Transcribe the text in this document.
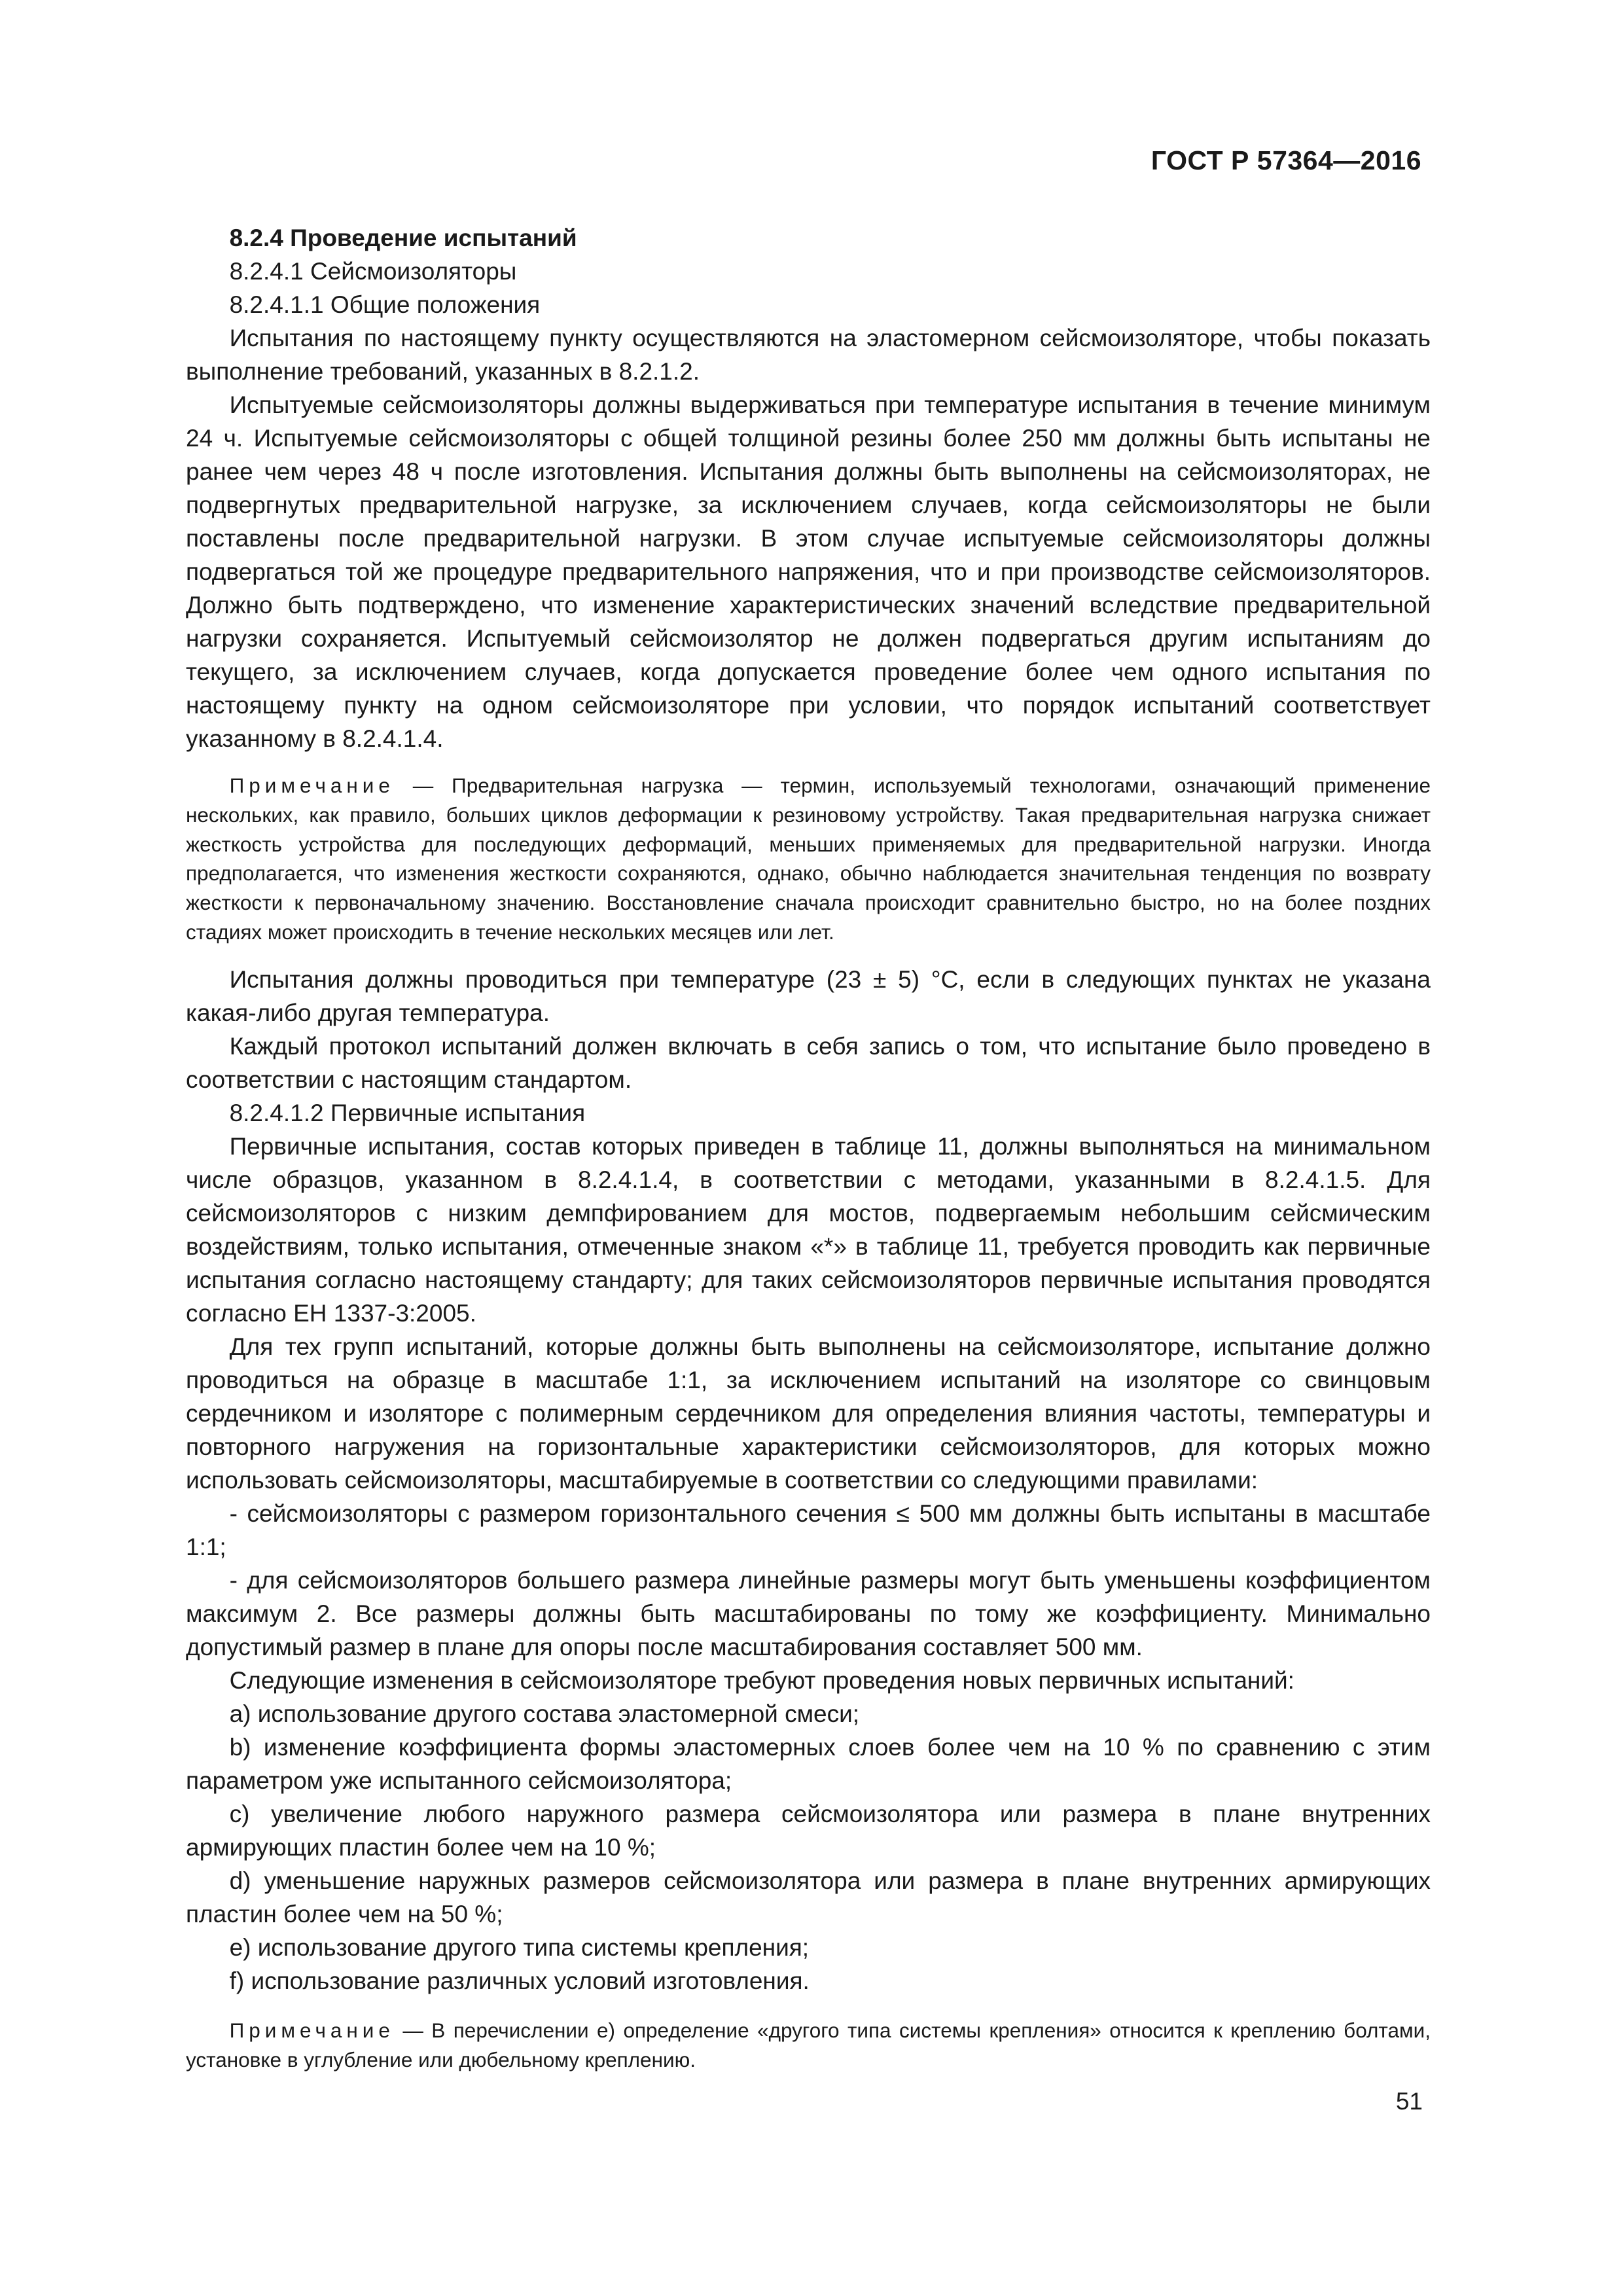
ГОСТ Р 57364—2016

8.2.4 Проведение испытаний

8.2.4.1 Сейсмоизоляторы

8.2.4.1.1 Общие положения

Испытания по настоящему пункту осуществляются на эластомерном сейсмоизоляторе, чтобы показать выполнение требований, указанных в 8.2.1.2.

Испытуемые сейсмоизоляторы должны выдерживаться при температуре испытания в течение минимум 24 ч. Испытуемые сейсмоизоляторы с общей толщиной резины более 250 мм должны быть испытаны не ранее чем через 48 ч после изготовления. Испытания должны быть выполнены на сейсмоизоляторах, не подвергнутых предварительной нагрузке, за исключением случаев, когда сейсмоизоляторы не были поставлены после предварительной нагрузки. В этом случае испытуемые сейсмоизоляторы должны подвергаться той же процедуре предварительного напряжения, что и при производстве сейсмоизоляторов. Должно быть подтверждено, что изменение характеристических значений вследствие предварительной нагрузки сохраняется. Испытуемый сейсмоизолятор не должен подвергаться другим испытаниям до текущего, за исключением случаев, когда допускается проведение более чем одного испытания по настоящему пункту на одном сейсмоизоляторе при условии, что порядок испытаний соответствует указанному в 8.2.4.1.4.

Примечание — Предварительная нагрузка — термин, используемый технологами, означающий применение нескольких, как правило, больших циклов деформации к резиновому устройству. Такая предварительная нагрузка снижает жесткость устройства для последующих деформаций, меньших применяемых для предварительной нагрузки. Иногда предполагается, что изменения жесткости сохраняются, однако, обычно наблюдается значительная тенденция по возврату жесткости к первоначальному значению. Восстановление сначала происходит сравнительно быстро, но на более поздних стадиях может происходить в течение нескольких месяцев или лет.

Испытания должны проводиться при температуре (23 ± 5) °С, если в следующих пунктах не указана какая-либо другая температура.

Каждый протокол испытаний должен включать в себя запись о том, что испытание было проведено в соответствии с настоящим стандартом.

8.2.4.1.2 Первичные испытания

Первичные испытания, состав которых приведен в таблице 11, должны выполняться на минимальном числе образцов, указанном в 8.2.4.1.4, в соответствии с методами, указанными в 8.2.4.1.5. Для сейсмоизоляторов с низким демпфированием для мостов, подвергаемым небольшим сейсмическим воздействиям, только испытания, отмеченные знаком «*» в таблице 11, требуется проводить как первичные испытания согласно настоящему стандарту; для таких сейсмоизоляторов первичные испытания проводятся согласно ЕН 1337-3:2005.

Для тех групп испытаний, которые должны быть выполнены на сейсмоизоляторе, испытание должно проводиться на образце в масштабе 1:1, за исключением испытаний на изоляторе со свинцовым сердечником и изоляторе с полимерным сердечником для определения влияния частоты, температуры и повторного нагружения на горизонтальные характеристики сейсмоизоляторов, для которых можно использовать сейсмоизоляторы, масштабируемые в соответствии со следующими правилами:

- сейсмоизоляторы с размером горизонтального сечения ≤ 500 мм должны быть испытаны в масштабе 1:1;

- для сейсмоизоляторов большего размера линейные размеры могут быть уменьшены коэффициентом максимум 2. Все размеры должны быть масштабированы по тому же коэффициенту. Минимально допустимый размер в плане для опоры после масштабирования составляет 500 мм.

Следующие изменения в сейсмоизоляторе требуют проведения новых первичных испытаний:

a) использование другого состава эластомерной смеси;

b) изменение коэффициента формы эластомерных слоев более чем на 10 % по сравнению с этим параметром уже испытанного сейсмоизолятора;

c) увеличение любого наружного размера сейсмоизолятора или размера в плане внутренних армирующих пластин более чем на 10 %;

d) уменьшение наружных размеров сейсмоизолятора или размера в плане внутренних армирующих пластин более чем на 50 %;

e) использование другого типа системы крепления;

f) использование различных условий изготовления.

Примечание — В перечислении е) определение «другого типа системы крепления» относится к креплению болтами, установке в углубление или дюбельному креплению.
51
